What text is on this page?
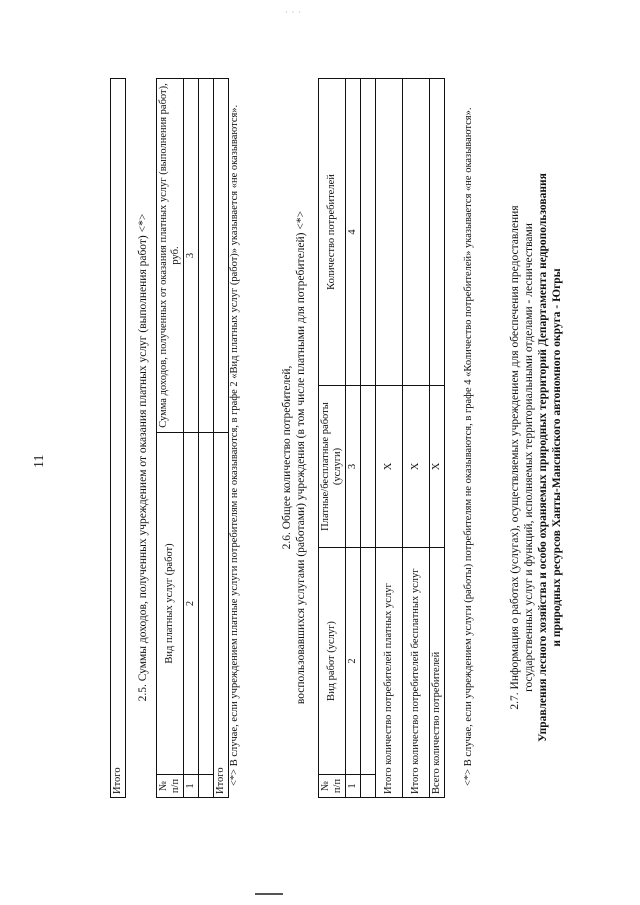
· · ·
11
Итого
2.5. Суммы доходов, полученных учреждением от оказания платных услуг (выполнения работ) <*>
№ п/п	Вид платных услуг (работ)	Сумма доходов, полученных от оказания платных услуг (выполнения работ), руб.
1	2	3

Итого		<*> В случае, если учреждением платные услуги потребителям не оказываются, в графе 2 «Вид платных услуг (работ)» указывается «не оказываются».	2.6. Общее количество потребителей, воспользовавшихся услугами (работами) учреждения (в том числе платными для потребителей) <*>
№ п/п	Вид работ (услуг)	Платные/бесплатные работы (услуги)	Количество потребителей
1	2	3	4

Итого количество потребителей платных услуг		X	
Итого количество потребителей бесплатных услуг		X	
Всего количество потребителей		X	<*> В случае, если учреждением услуги (работы) потребителям не оказываются, в графе 4 «Количество потребителей» указывается «не оказываются».	2.7. Информация о работах (услугах), осуществляемых учреждением для обеспечения предоставления государственных услуг и функций, исполняемых территориальными отделами - лесничествами Управления лесного хозяйства и особо охраняемых природных территорий Департамента недропользования и природных ресурсов Ханты-Мансийского автономного округа - Югры
